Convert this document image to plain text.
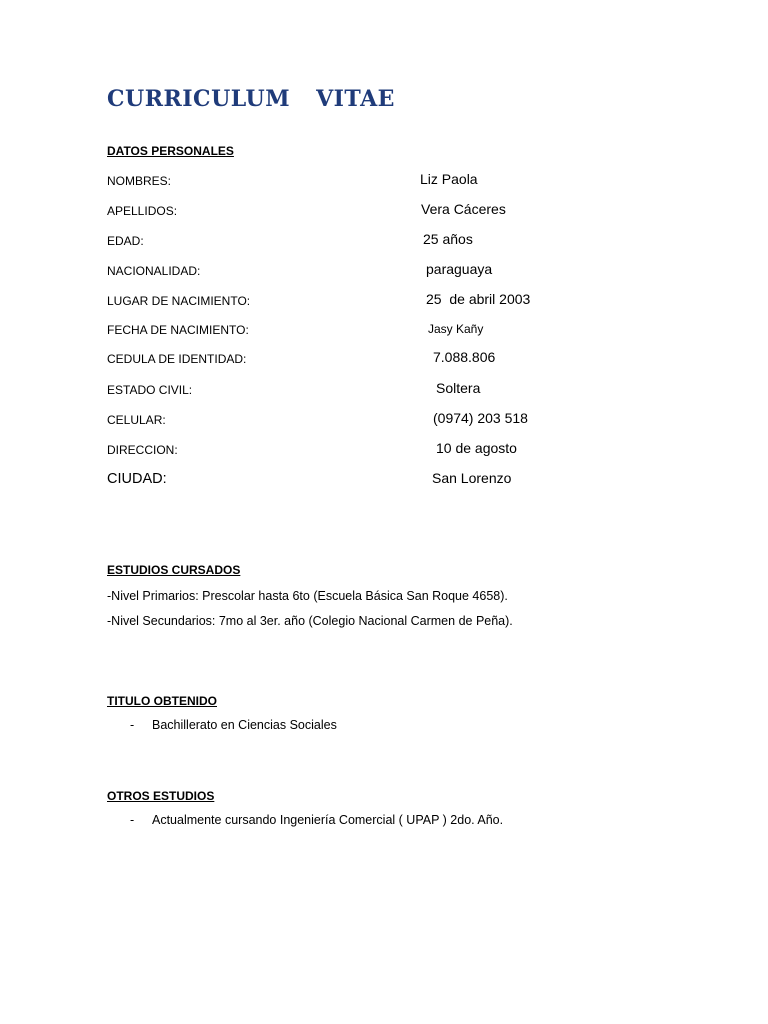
CURRICULUM VITAE
DATOS PERSONALES
NOMBRES:	Liz Paola
APELLIDOS:	Vera Cáceres
EDAD:	25 años
NACIONALIDAD:	paraguaya
LUGAR DE NACIMIENTO:	25  de abril 2003
FECHA DE NACIMIENTO:	Jasy Kañy
CEDULA DE IDENTIDAD:	7.088.806
ESTADO CIVIL:	Soltera
CELULAR:	(0974) 203 518
DIRECCION:	10 de agosto
CIUDAD:	San Lorenzo
ESTUDIOS CURSADOS
-Nivel Primarios: Prescolar hasta 6to (Escuela Básica San Roque 4658).
-Nivel Secundarios: 7mo al 3er. año (Colegio Nacional Carmen de Peña).
TITULO OBTENIDO
- Bachillerato en Ciencias Sociales
OTROS ESTUDIOS
- Actualmente cursando Ingeniería Comercial ( UPAP ) 2do. Año.
